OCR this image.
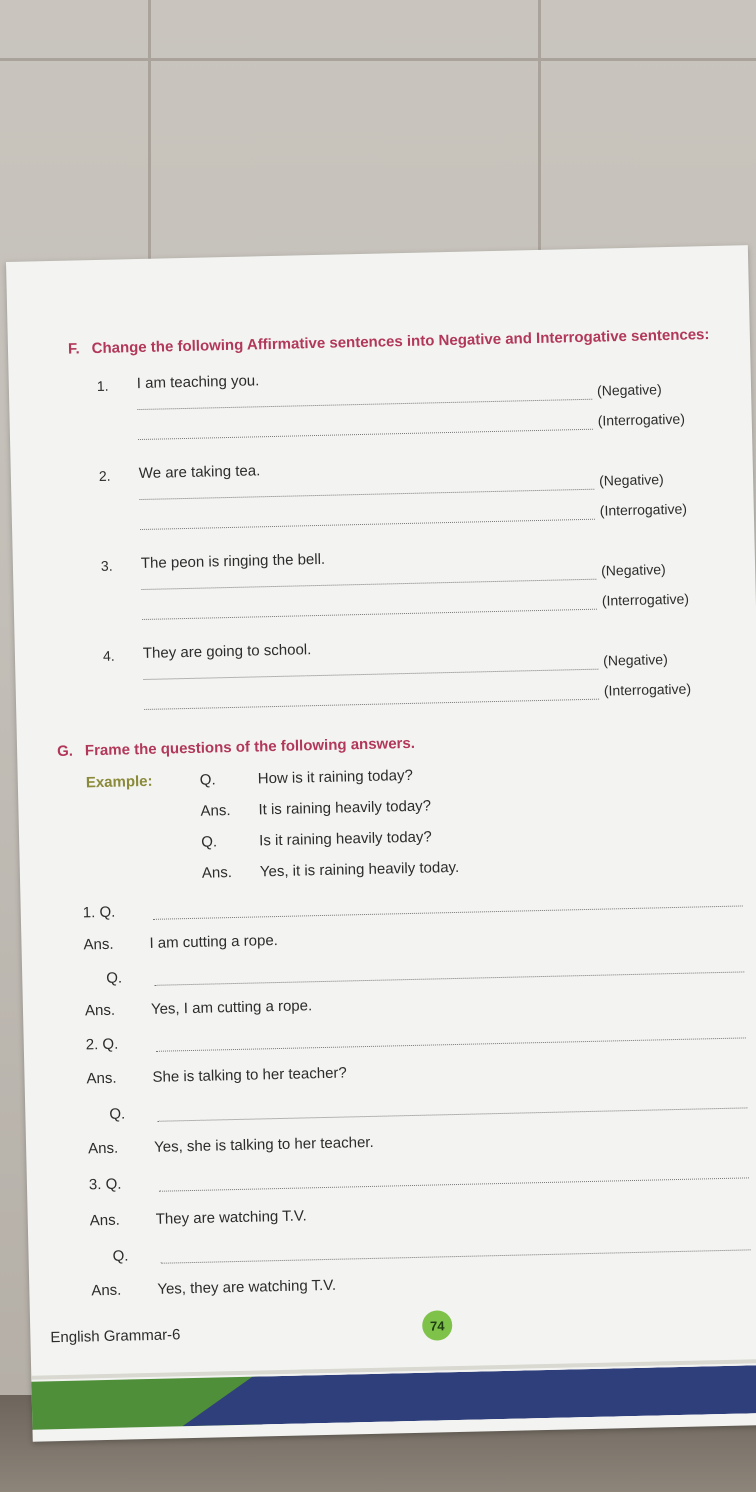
F. Change the following Affirmative sentences into Negative and Interrogative sentences:
1. I am teaching you.	(Negative)
(Interrogative)
2. We are taking tea.	(Negative)
(Interrogative)
3. The peon is ringing the bell.	(Negative)
(Interrogative)
4. They are going to school.	(Negative)
(Interrogative)
G. Frame the questions of the following answers.
Example:	Q.	How is it raining today?
Ans. It is raining heavily today?
Q.	Is it raining heavily today?
Ans. Yes, it is raining heavily today.
1. Q.
Ans. I am cutting a rope.
Q.
Ans. Yes, I am cutting a rope.
2. Q.
Ans. She is talking to her teacher?
Q.
Ans. Yes, she is talking to her teacher.
3. Q.
Ans. They are watching T.V.
Q.
Ans. Yes, they are watching T.V.
English Grammar-6
74
